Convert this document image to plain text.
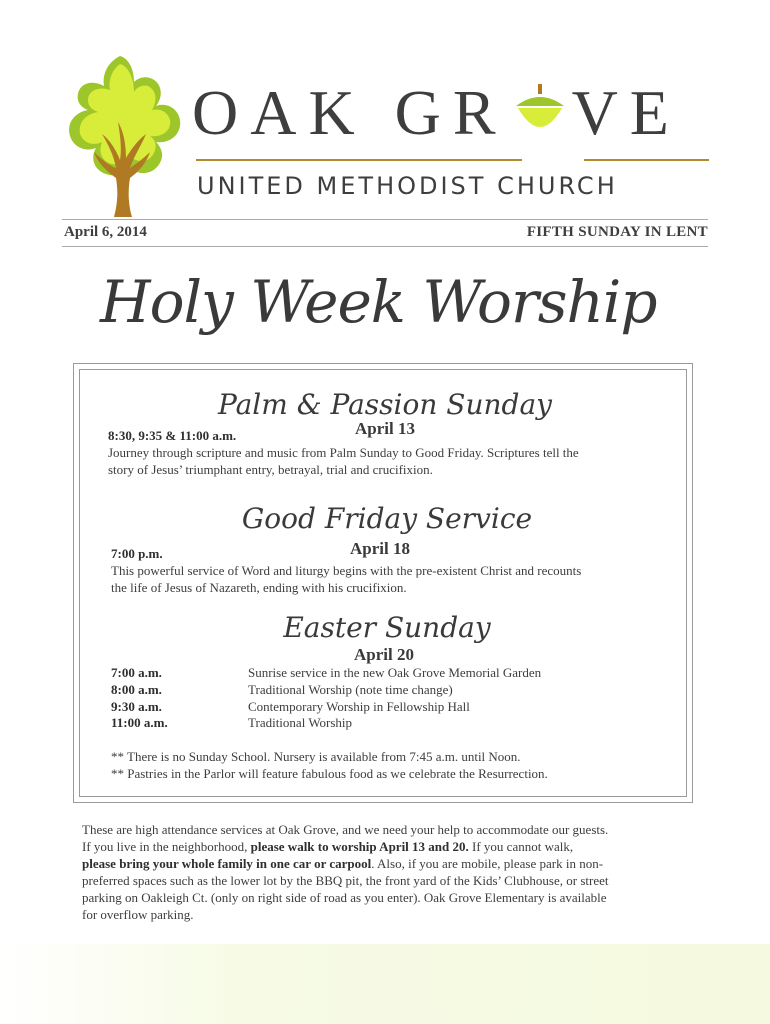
OAK GR VE
UNITED METHODIST CHURCH
April 6, 2014	FIFTH SUNDAY IN LENT
Holy Week Worship
Palm & Passion Sunday
April 13
8:30, 9:35 & 11:00 a.m.
Journey through scripture and music from Palm Sunday to Good Friday. Scriptures tell the
story of Jesus’ triumphant entry, betrayal, trial and crucifixion.
Good Friday Service
April 18
7:00 p.m.
This powerful service of Word and liturgy begins with the pre-existent Christ and recounts
the life of Jesus of Nazareth, ending with his crucifixion.
Easter Sunday
April 20
7:00 a.m.	Sunrise service in the new Oak Grove Memorial Garden
8:00 a.m.	Traditional Worship (note time change)
9:30 a.m.	Contemporary Worship in Fellowship Hall
11:00 a.m.	Traditional Worship
** There is no Sunday School. Nursery is available from 7:45 a.m. until Noon.
** Pastries in the Parlor will feature fabulous food as we celebrate the Resurrection.
These are high attendance services at Oak Grove, and we need your help to accommodate our guests.
If you live in the neighborhood, please walk to worship April 13 and 20. If you cannot walk,
please bring your whole family in one car or carpool. Also, if you are mobile, please park in non-
preferred spaces such as the lower lot by the BBQ pit, the front yard of the Kids’ Clubhouse, or street
parking on Oakleigh Ct. (only on right side of road as you enter). Oak Grove Elementary is available
for overflow parking.
